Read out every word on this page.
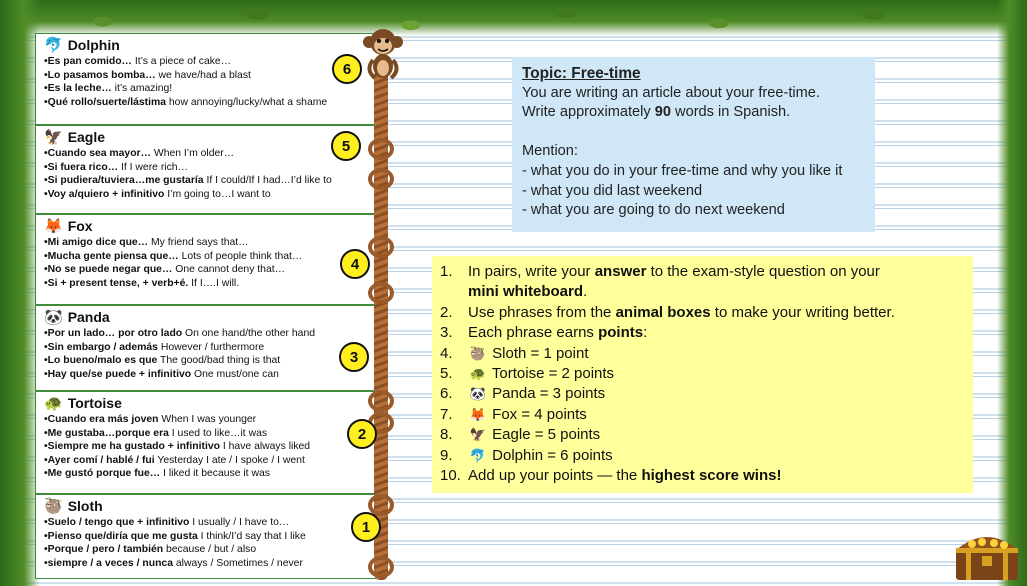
🐬 Dolphin
•Es pan comido… It’s a piece of cake…
•Lo pasamos bomba… we have/had a blast
•Es la leche… it’s amazing!
•Qué rollo/suerte/lástima how annoying/lucky/what a shame
🦅 Eagle
•Cuando sea mayor… When I’m older…
•Si fuera rico… If I were rich…
•Si pudiera/tuviera…me gustaría If I could/If I had…I’d like to
•Voy a/quiero + infinitivo I’m going to…I want to
🦊 Fox
•Mi amigo dice que… My friend says that…
•Mucha gente piensa que… Lots of people think that…
•No se puede negar que… One cannot deny that…
•Si + present tense, + verb+é. If I….I will.
🐼 Panda
•Por un lado… por otro lado On one hand/the other hand
•Sin embargo / además However / furthermore
•Lo bueno/malo es que The good/bad thing is that
•Hay que/se puede + infinitivo One must/one can
🐢 Tortoise
•Cuando era más joven When I was younger
•Me gustaba…porque era I used to like…it was
•Siempre me ha gustado + infinitivo I have always liked
•Ayer comí / hablé / fui Yesterday I ate / I spoke / I went
•Me gustó porque fue… I liked it because it was
🦥 Sloth
•Suelo / tengo que + infinitivo I usually / I have to…
•Pienso que/diría que me gusta I think/I’d say that I like
•Porque / pero / también because / but / also
•siempre / a veces / nunca always / Sometimes / never
6
5
4
3
2
1
Topic: Free-time
You are writing an article about your free-time.
Write approximately 90 words in Spanish.
Mention:
- what you do in your free-time and why you like it
- what you did last weekend
- what you are going to do next weekend
1.	In pairs, write your answer to the exam-style question on your
mini whiteboard.
2.	Use phrases from the animal boxes to make your writing better.
3.	Each phrase earns points:
4.	🦥 Sloth = 1 point
5.	🐢 Tortoise = 2 points
6.	🐼 Panda = 3 points
7.	🦊 Fox = 4 points
8.	🦅 Eagle = 5 points
9.	🐬 Dolphin = 6 points
10. Add up your points — the highest score wins!
